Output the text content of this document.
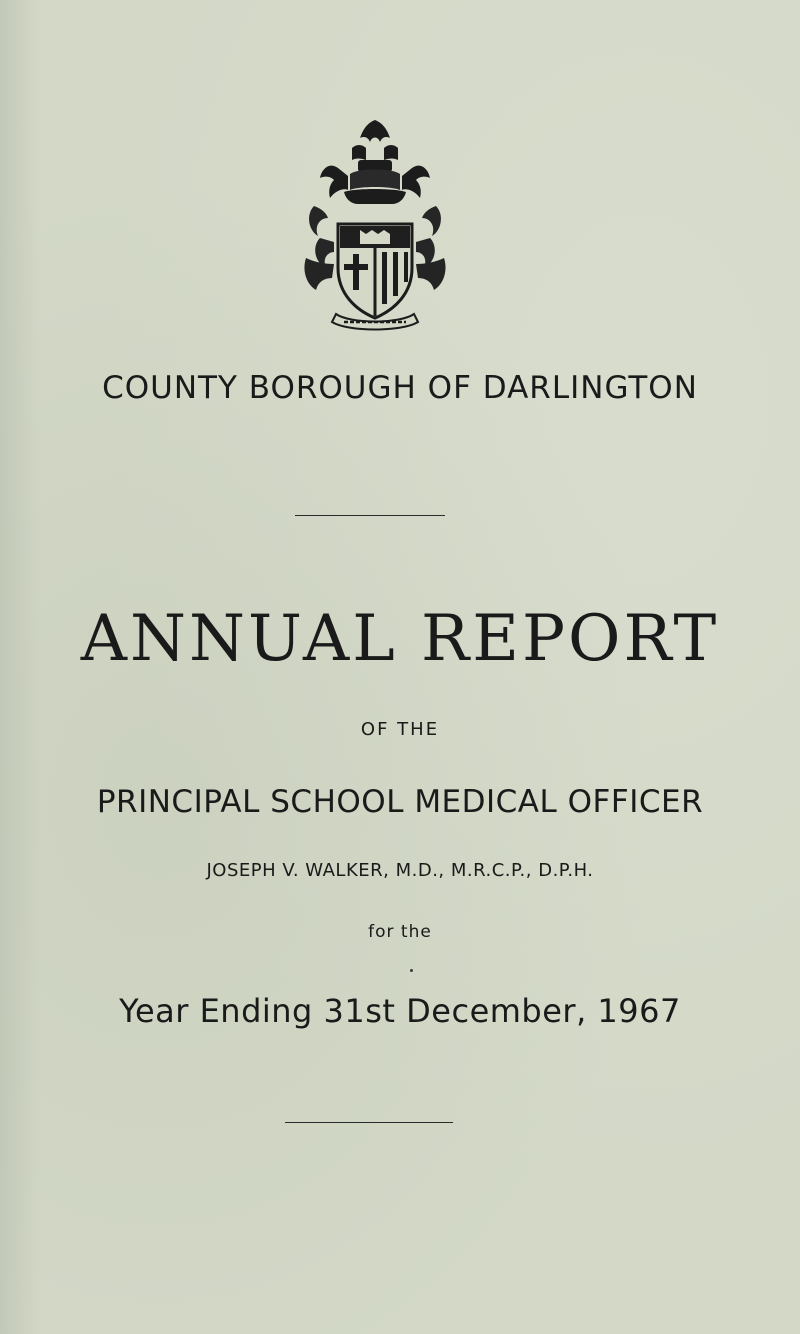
COUNTY BOROUGH OF DARLINGTON
ANNUAL REPORT
OF THE
PRINCIPAL SCHOOL MEDICAL OFFICER
JOSEPH V. WALKER, M.D., M.R.C.P., D.P.H.
for the
Year Ending 31st December, 1967
